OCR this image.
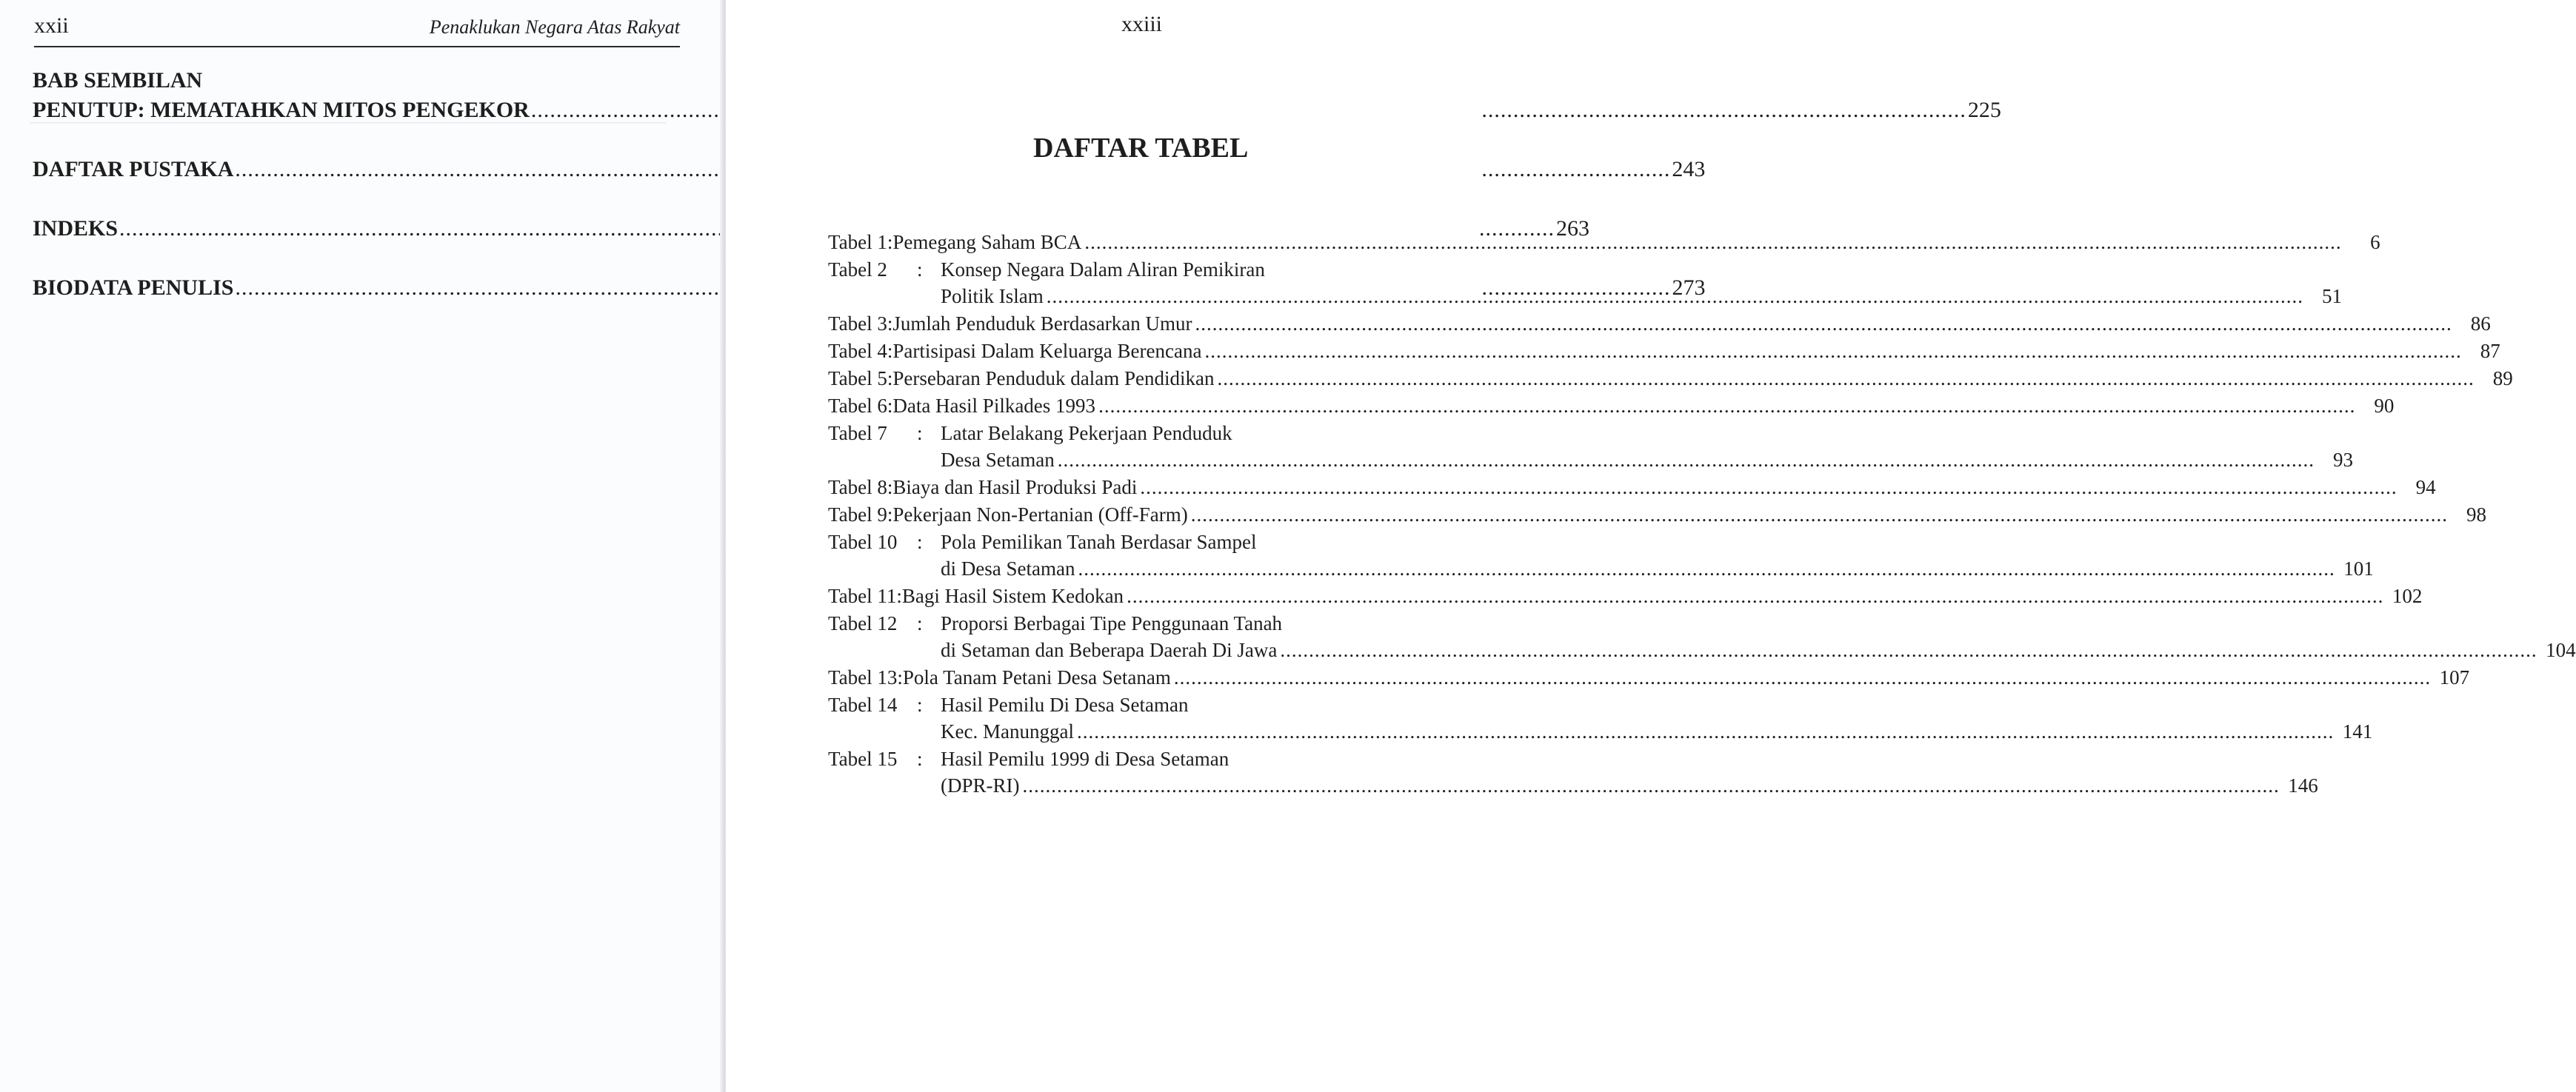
xxii	Penaklukan Negara Atas Rakyat
BAB SEMBILAN
PENUTUP: MEMATAHKAN MITOS PENGEKOR .....	225
DAFTAR PUSTAKA .....	243
INDEKS .....	263
BIODATA PENULIS .....	273
xxiii
DAFTAR TABEL
Tabel 1 : Pemegang Saham BCA .....	6
Tabel 2	: Konsep Negara Dalam Aliran Pemikiran
Politik Islam .....	51
Tabel 3 : Jumlah Penduduk Berdasarkan Umur .....	86
Tabel 4 : Partisipasi Dalam Keluarga Berencana .....	87
Tabel 5 : Persebaran Penduduk dalam Pendidikan .....	89
Tabel 6 : Data Hasil Pilkades 1993 .....	90
Tabel 7	: Latar Belakang Pekerjaan Penduduk
Desa Setaman .....	93
Tabel 8 : Biaya dan Hasil Produksi Padi .....	94
Tabel 9 : Pekerjaan Non-Pertanian (Off-Farm) .....	98
Tabel 10 : Pola Pemilikan Tanah Berdasar Sampel
di Desa Setaman .....	101
Tabel 11 : Bagi Hasil Sistem Kedokan .....	102
Tabel 12 : Proporsi Berbagai Tipe Penggunaan Tanah
di Setaman dan Beberapa Daerah Di Jawa .....	104
Tabel 13 : Pola Tanam Petani Desa Setanam .....	107
Tabel 14 : Hasil Pemilu Di Desa Setaman
Kec. Manunggal .....	141
Tabel 15 : Hasil Pemilu 1999 di Desa Setaman
(DPR-RI) .....	146
